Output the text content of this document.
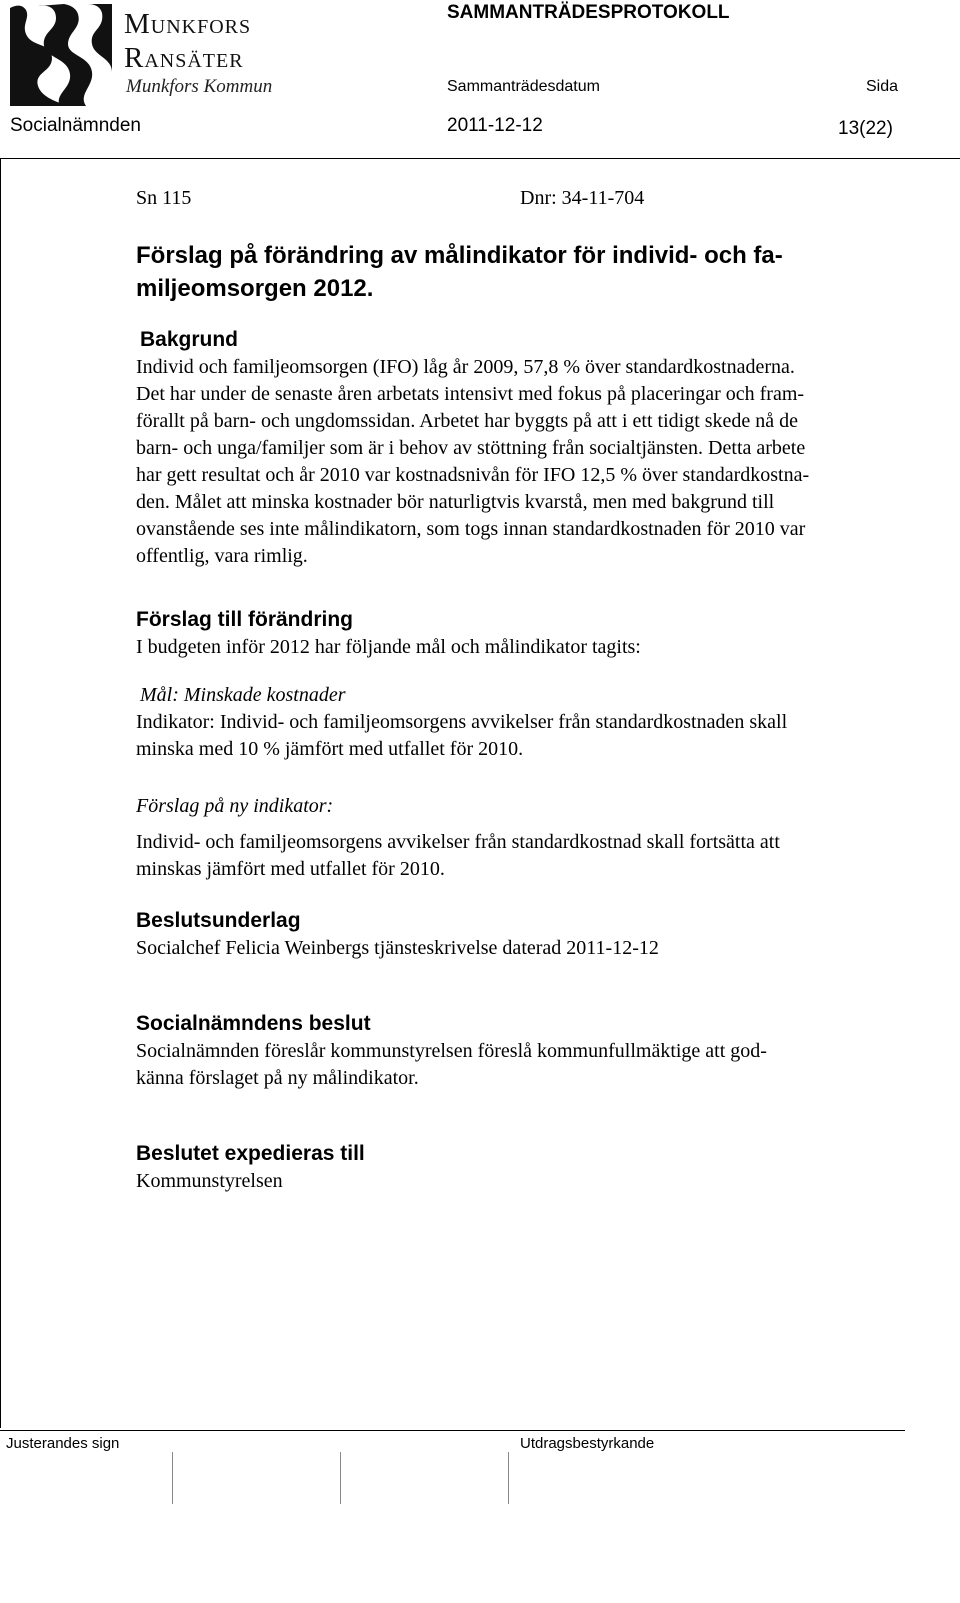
Munkfors
Ransäter
Munkfors Kommun
SAMMANTRÄDESPROTOKOLL
Sammanträdesdatum	Sida
Socialnämnden	2011-12-12	13(22)
Sn 115	Dnr: 34-11-704
Förslag på förändring av målindikator för individ- och fa-
miljeomsorgen 2012.
Bakgrund
Individ och familjeomsorgen (IFO) låg år 2009, 57,8 % över standardkostnaderna.
Det har under de senaste åren arbetats intensivt med fokus på placeringar och fram-
förallt på barn- och ungdomssidan. Arbetet har byggts på att i ett tidigt skede nå de
barn- och unga/familjer som är i behov av stöttning från socialtjänsten. Detta arbete
har gett resultat och år 2010 var kostnadsnivån för IFO 12,5 % över standardkostna-
den. Målet att minska kostnader bör naturligtvis kvarstå, men med bakgrund till
ovanstående ses inte målindikatorn, som togs innan standardkostnaden för 2010 var
offentlig, vara rimlig.
Förslag till förändring
I budgeten inför 2012 har följande mål och målindikator tagits:
Mål: Minskade kostnader
Indikator: Individ- och familjeomsorgens avvikelser från standardkostnaden skall
minska med 10 % jämfört med utfallet för 2010.
Förslag på ny indikator:
Individ- och familjeomsorgens avvikelser från standardkostnad skall fortsätta att
minskas jämfört med utfallet för 2010.
Beslutsunderlag
Socialchef Felicia Weinbergs tjänsteskrivelse daterad 2011-12-12
Socialnämndens beslut
Socialnämnden föreslår kommunstyrelsen föreslå kommunfullmäktige att god-
känna förslaget på ny målindikator.
Beslutet expedieras till
Kommunstyrelsen
Justerandes sign	Utdragsbestyrkande
